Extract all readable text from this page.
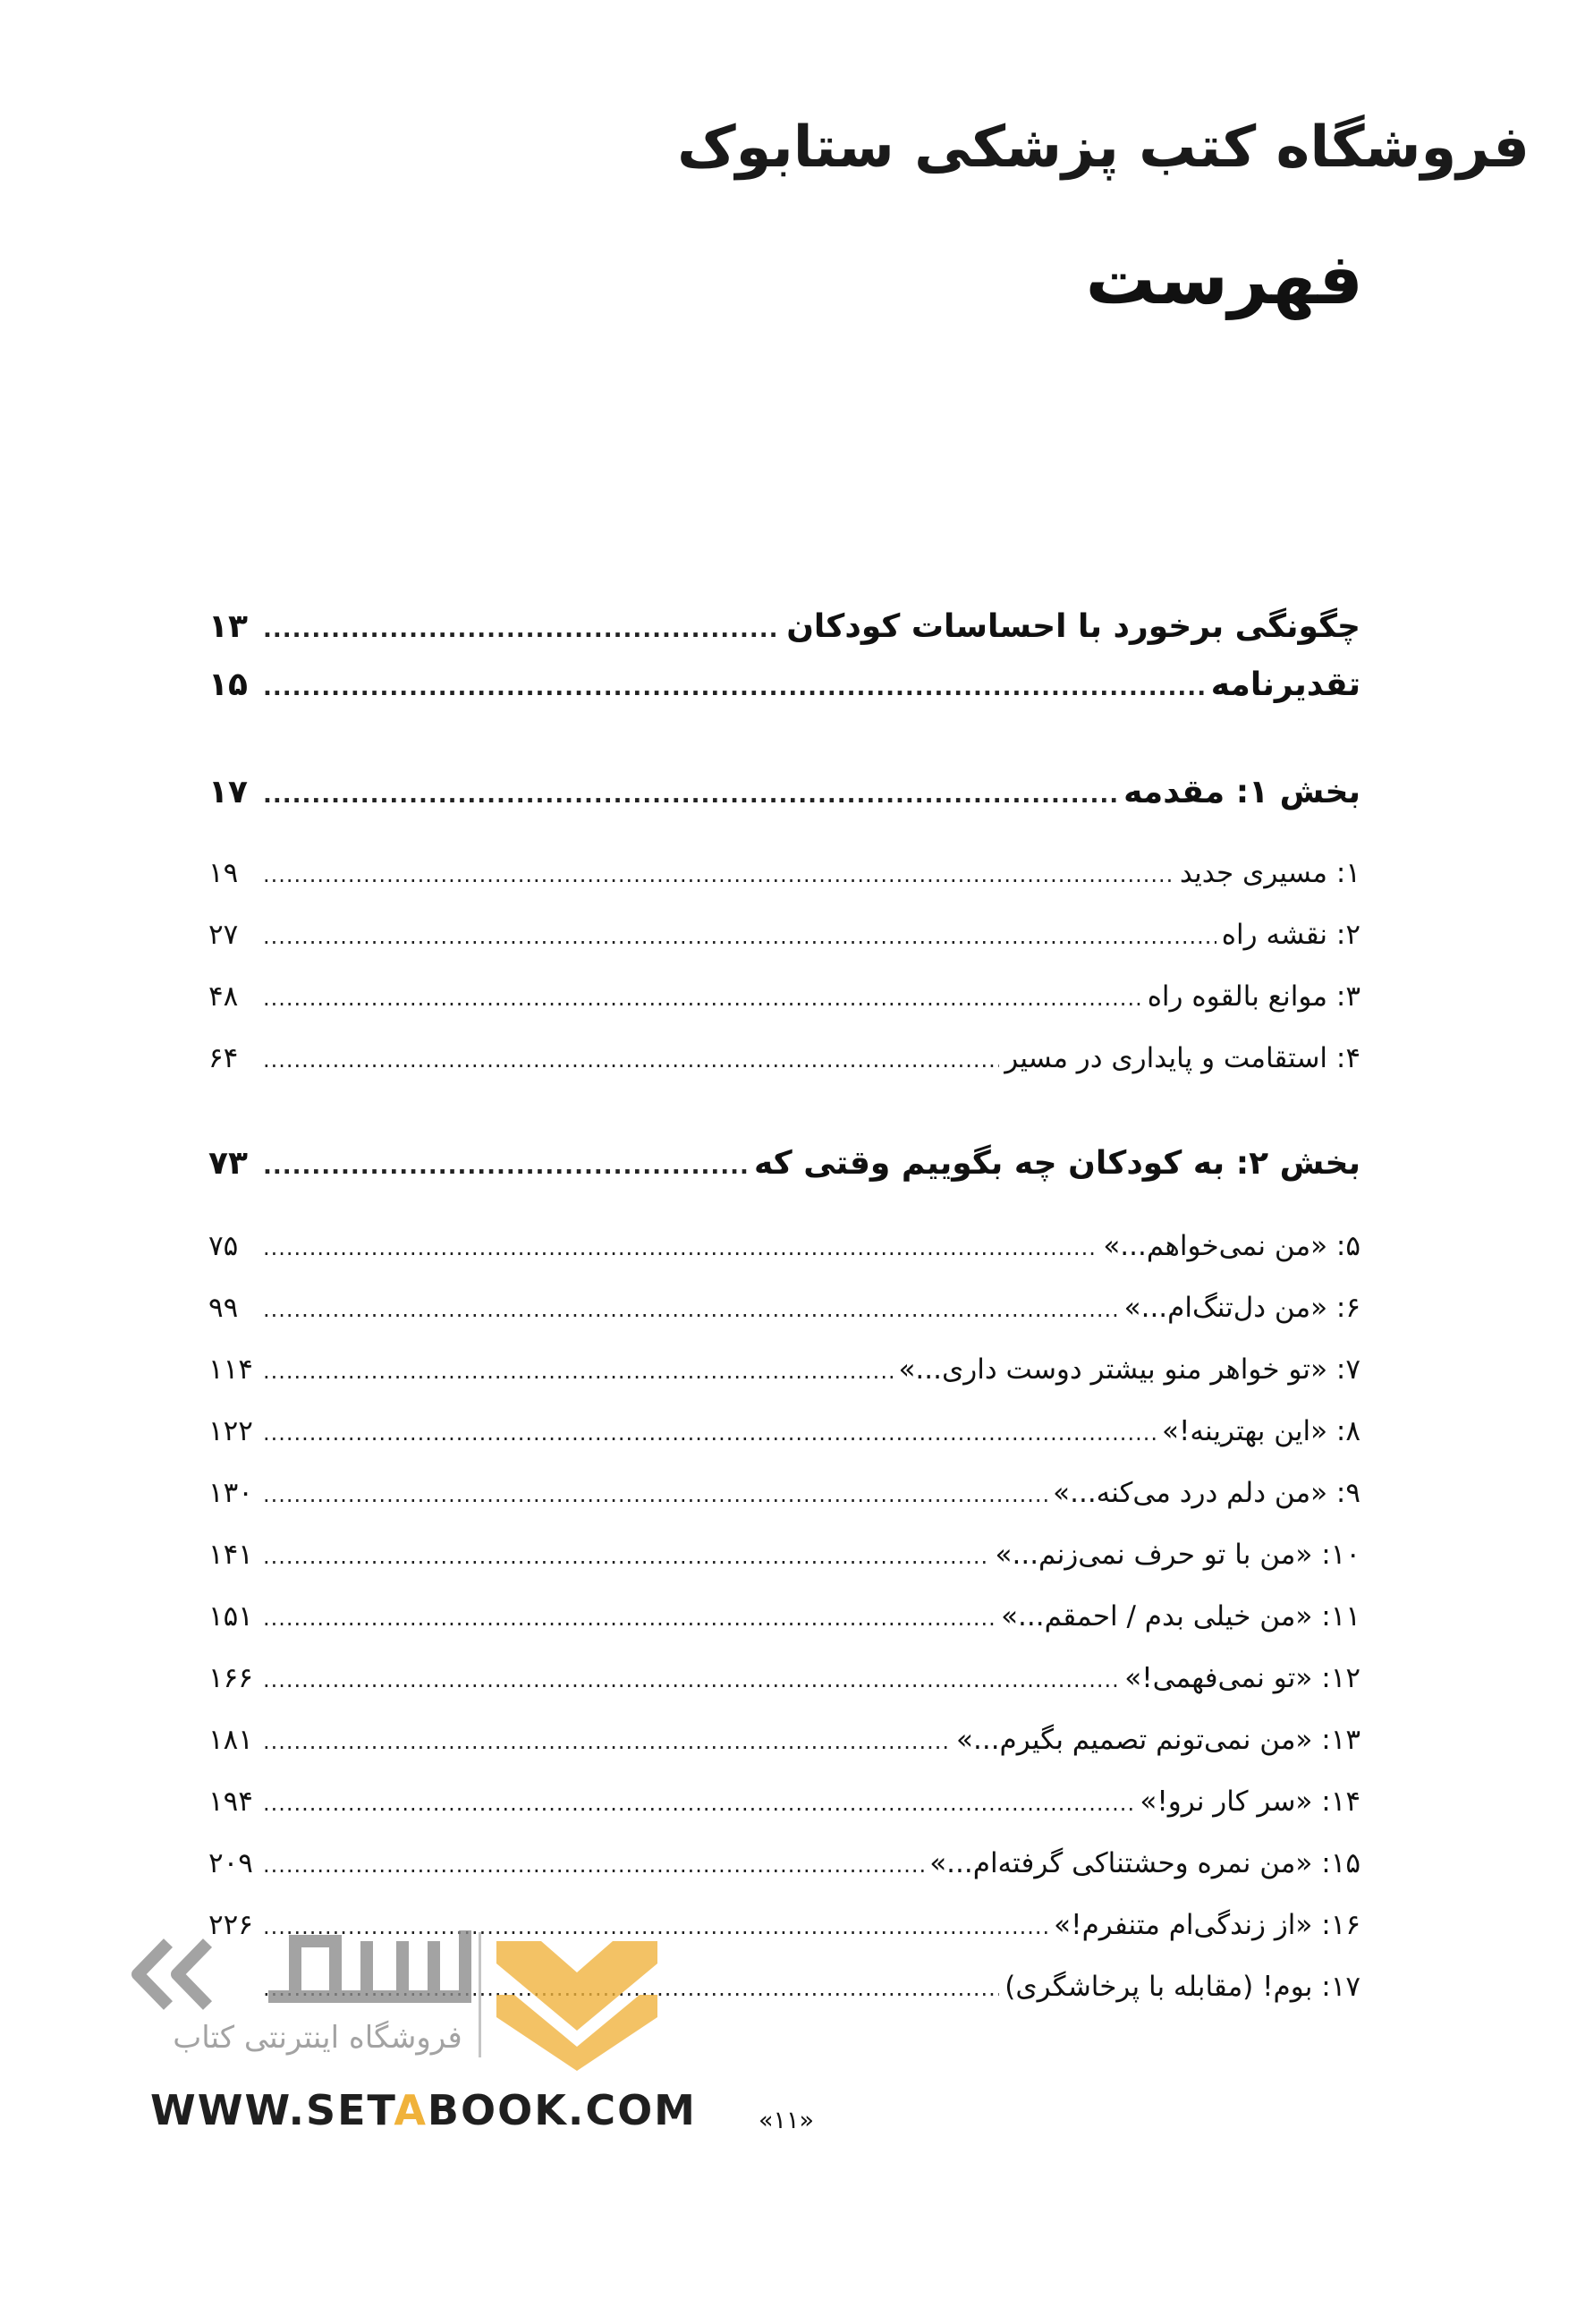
فروشگاه کتب پزشکی ستابوک
فهرست
چگونگی برخورد با احساسات کودکان
.....
۱۳
تقدیرنامه
.....
۱۵
بخش ۱: مقدمه
.....
۱۷
۱: مسیری جدید
.....
۱۹
۲: نقشه راه
.....
۲۷
۳: موانع بالقوه راه
.....
۴۸
۴: استقامت و پایداری در مسیر
.....
۶۴
بخش ۲: به کودکان چه بگوییم وقتی که
.....
۷۳
۵: «من نمی‌خواهم...»
.....
۷۵
۶: «من دل‌تنگ‌ام...»
.....
۹۹
۷: «تو خواهر منو بیشتر دوست داری...»
.....
۱۱۴
۸: «این بهترینه!»
.....
۱۲۲
۹: «من دلم درد می‌کنه...»
.....
۱۳۰
۱۰: «من با تو حرف نمی‌زنم...»
.....
۱۴۱
۱۱: «من خیلی بدم / احمقم...»
.....
۱۵۱
۱۲: «تو نمی‌فهمی!»
.....
۱۶۶
۱۳: «من نمی‌تونم تصمیم بگیرم...»
.....
۱۸۱
۱۴: «سر کار نرو!»
.....
۱۹۴
۱۵: «من نمره وحشتناکی گرفته‌ام...»
.....
۲۰۹
۱۶: «از زندگی‌ام متنفرم!»
.....
۲۲۶
۱۷: بوم! (مقابله با پرخاشگری)
.....
«۱۱»
فروشگاه اینترنتی کتاب
WWW.SETABOOK.COM
